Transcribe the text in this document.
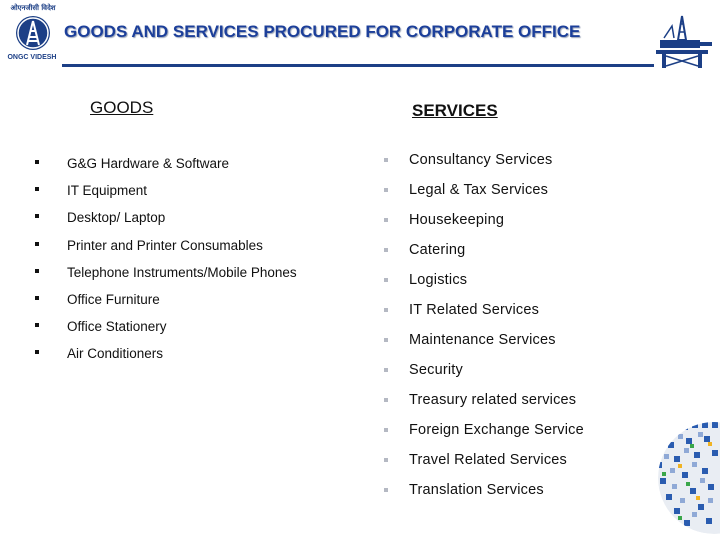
ओएनजीसी विदेश
ONGC VIDESH
GOODS AND SERVICES PROCURED FOR CORPORATE OFFICE
GOODS
G&G Hardware & Software
IT Equipment
Desktop/ Laptop
Printer and Printer Consumables
Telephone Instruments/Mobile Phones
Office Furniture
Office Stationery
Air Conditioners
SERVICES
Consultancy Services
Legal & Tax Services
Housekeeping
Catering
Logistics
IT Related Services
Maintenance Services
Security
Treasury related services
Foreign Exchange Service
Travel Related Services
Translation Services
